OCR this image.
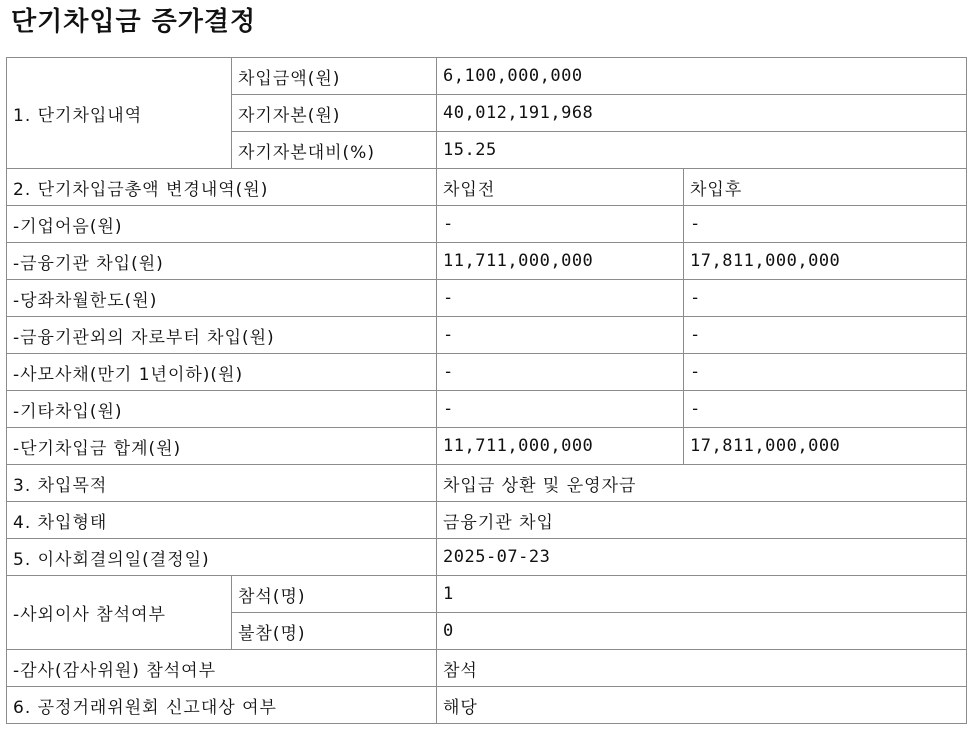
단기차입금 증가결정
1. 단기차입내역	차입금액(원)	6,100,000,000	
	자기자본(원)	40,012,191,968	
	자기자본대비(%)	15.25	
2. 단기차입금총액 변경내역(원)		차입전	차입후
-기업어음(원)		-	-
-금융기관 차입(원)		11,711,000,000	17,811,000,000
-당좌차월한도(원)		-	-
-금융기관외의 자로부터 차입(원)		-	-
-사모사채(만기 1년이하)(원)		-	-
-기타차입(원)		-	-
-단기차입금 합계(원)		11,711,000,000	17,811,000,000
3. 차입목적		차입금 상환 및 운영자금	
4. 차입형태		금융기관 차입	
5. 이사회결의일(결정일)		2025-07-23	
-사외이사 참석여부	참석(명)	1	
	불참(명)	0	
-감사(감사위원) 참석여부		참석	
6. 공정거래위원회 신고대상 여부		해당	
